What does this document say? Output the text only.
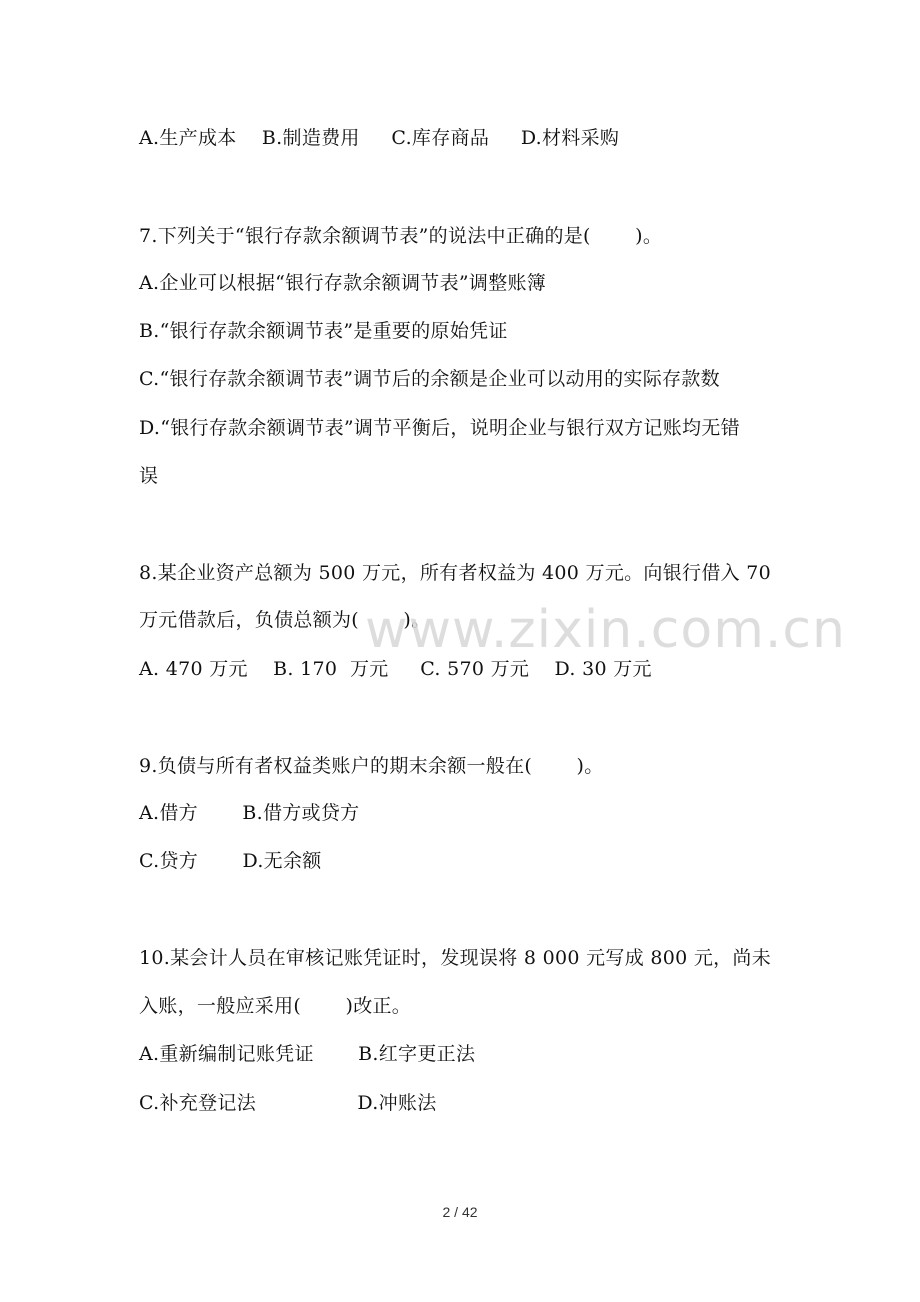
A.生产成本    B.制造费用     C.库存商品     D.材料采购
7.下列关于“银行存款余额调节表”的说法中正确的是(       )。
A.企业可以根据“银行存款余额调节表”调整账簿
B.“银行存款余额调节表”是重要的原始凭证
C.“银行存款余额调节表”调节后的余额是企业可以动用的实际存款数
D.“银行存款余额调节表”调节平衡后，说明企业与银行双方记账均无错
误
8.某企业资产总额为 500 万元，所有者权益为 400 万元。向银行借入 70
万元借款后，负债总额为(       )。
A. 470 万元    B. 170  万元     C. 570 万元    D. 30 万元
9.负债与所有者权益类账户的期末余额一般在(       )。
A.借方       B.借方或贷方
C.贷方       D.无余额
10.某会计人员在审核记账凭证时，发现误将 8 000 元写成 800 元，尚未
入账，一般应采用(       )改正。
A.重新编制记账凭证       B.红字更正法
C.补充登记法                D.冲账法
www.zixin.com.cn
2 / 42
